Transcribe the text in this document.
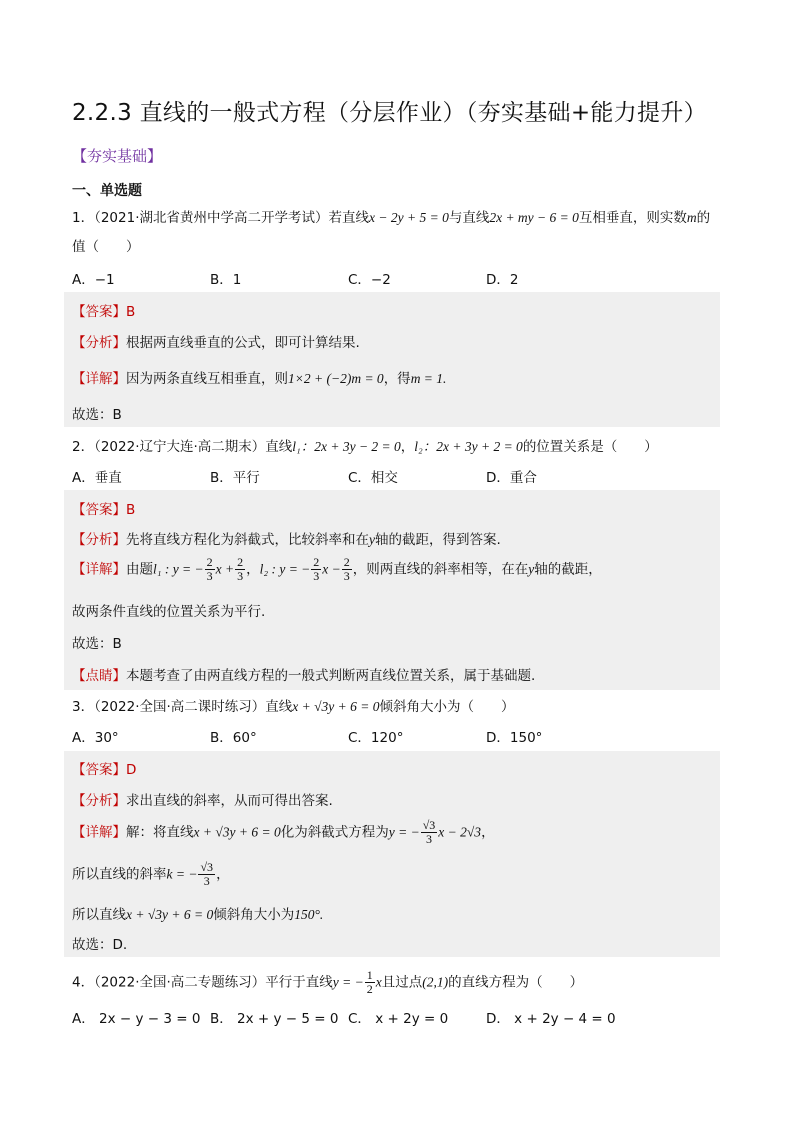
2.2.3 直线的一般式方程（分层作业）（夯实基础+能力提升）
【夯实基础】
一、单选题
1．（2021·湖北省黄州中学高二开学考试）若直线x − 2y + 5 = 0与直线2x + my − 6 = 0互相垂直，则实数m的
值（　　）
A．−1	B．1	C．−2	D．2
【答案】B
【分析】根据两直线垂直的公式，即可计算结果.
【详解】因为两条直线互相垂直，则1×2 + (−2)m = 0，得m = 1.
故选：B
2．（2022·辽宁大连·高二期末）直线l₁：2x + 3y − 2 = 0，l₂：2x + 3y + 2 = 0的位置关系是（　　）
A．垂直	B．平行	C．相交	D．重合
【答案】B
【分析】先将直线方程化为斜截式，比较斜率和在y轴的截距，得到答案.
【详解】由题l₁ : y = − $\frac{2}{3}$ $x + \frac{2}{3}$ ，l₂ : y = − $\frac{2}{3}$ $x - \frac{2}{3}$ ，则两直线的斜率相等，在在y轴的截距，
故两条件直线的位置关系为平行.
故选：B
【点睛】本题考查了由两直线方程的一般式判断两直线位置关系，属于基础题.
3．（2022·全国·高二课时练习）直线x + √3y + 6 = 0倾斜角大小为（　　）
A．30°	B．60°	C．120°	D．150°
【答案】D
【分析】求出直线的斜率，从而可得出答案.
【详解】解：将直线x + √3y + 6 = 0化为斜截式方程为y = − $\frac{√3}{3}$ x − 2√3，
所以直线的斜率k = − $\frac{√3}{3}$ ，
所以直线x + √3y + 6 = 0倾斜角大小为150°.
故选：D.
4．（2022·全国·高二专题练习）平行于直线y = − $\frac{1}{2}$ x且过点(2,1)的直线方程为（　　）
A． 2x − y − 3 = 0 B． 2x + y − 5 = 0 C． x + 2y = 0	D． x + 2y − 4 = 0
